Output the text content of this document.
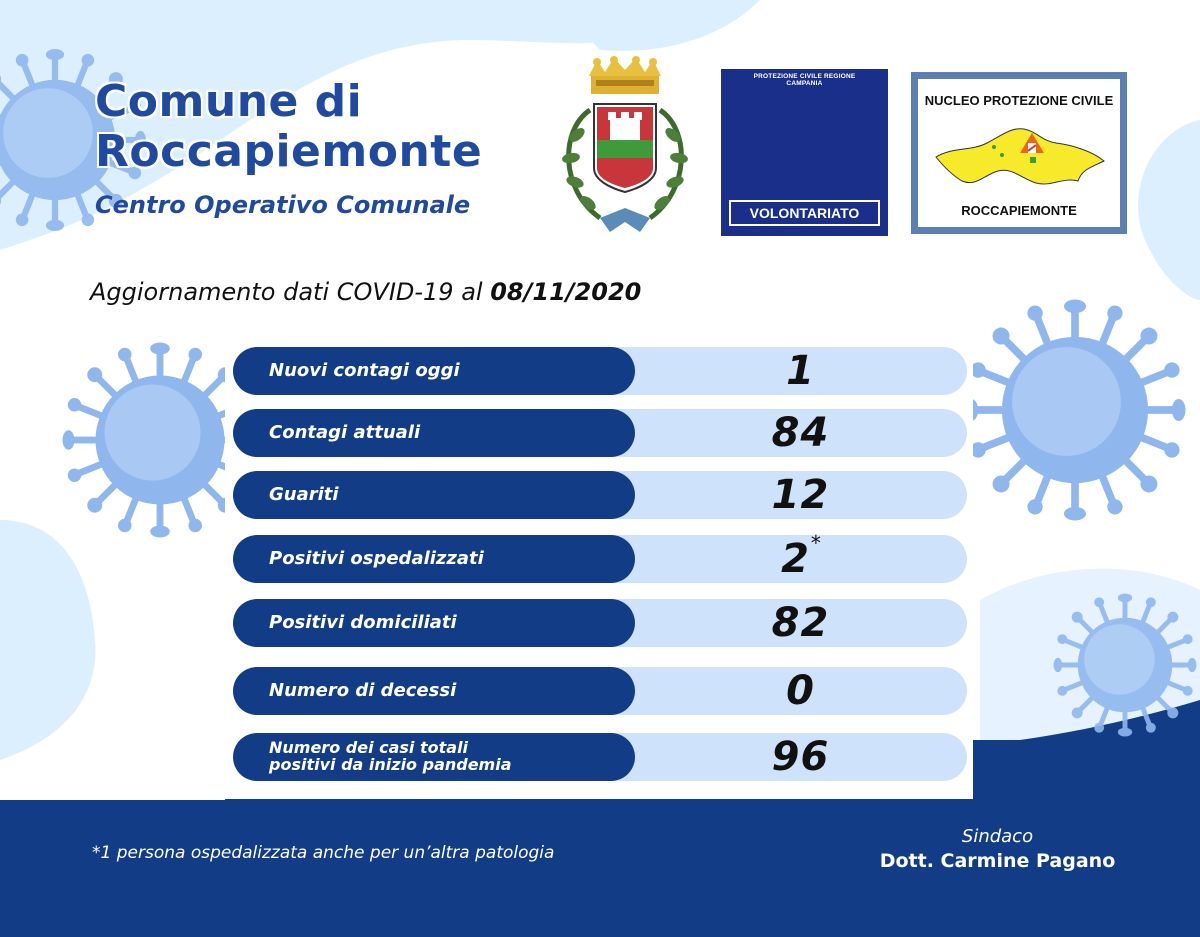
Comune di
Roccapiemonte
Centro Operativo Comunale	VOLONTARIATO
PROTEZIONE CIVILE REGIONE CAMPANIA
NUCLEO PROTEZIONE CIVILE
ROCCAPIEMONTE
Aggiornamento dati COVID-19 al 08/11/2020
Nuovi contagi oggi	1
Contagi attuali	84
Guariti	12
Positivi ospedalizzati	2 *
Positivi domiciliati	82
Numero di decessi	0
Numero dei casi totali
positivi da inizio pandemia	96
*1 persona ospedalizzata anche per un’altra patologia
Sindaco
Dott. Carmine Pagano
